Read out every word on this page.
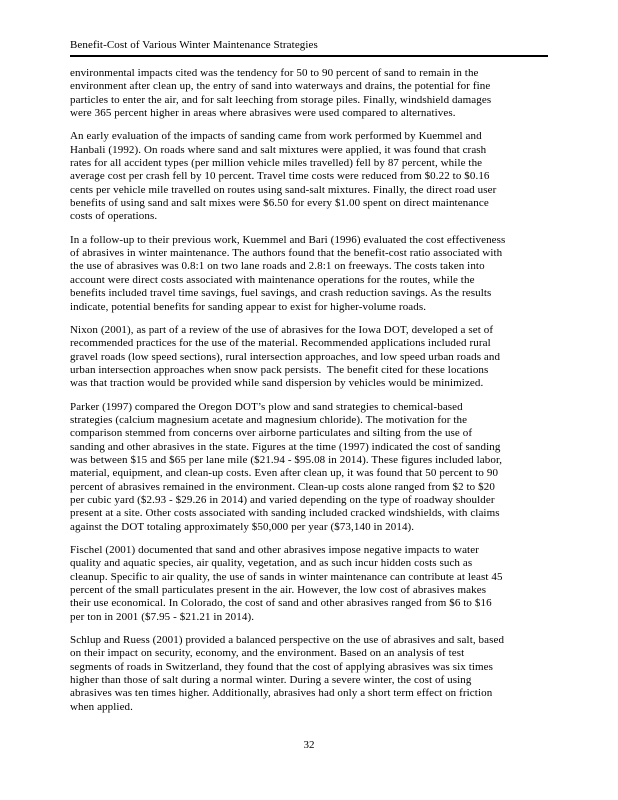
Benefit-Cost of Various Winter Maintenance Strategies

environmental impacts cited was the tendency for 50 to 90 percent of sand to remain in the
environment after clean up, the entry of sand into waterways and drains, the potential for fine
particles to enter the air, and for salt leeching from storage piles. Finally, windshield damages
were 365 percent higher in areas where abrasives were used compared to alternatives.

An early evaluation of the impacts of sanding came from work performed by Kuemmel and
Hanbali (1992). On roads where sand and salt mixtures were applied, it was found that crash
rates for all accident types (per million vehicle miles travelled) fell by 87 percent, while the
average cost per crash fell by 10 percent. Travel time costs were reduced from $0.22 to $0.16
cents per vehicle mile travelled on routes using sand-salt mixtures. Finally, the direct road user
benefits of using sand and salt mixes were $6.50 for every $1.00 spent on direct maintenance
costs of operations.

In a follow-up to their previous work, Kuemmel and Bari (1996) evaluated the cost effectiveness
of abrasives in winter maintenance. The authors found that the benefit-cost ratio associated with
the use of abrasives was 0.8:1 on two lane roads and 2.8:1 on freeways. The costs taken into
account were direct costs associated with maintenance operations for the routes, while the
benefits included travel time savings, fuel savings, and crash reduction savings. As the results
indicate, potential benefits for sanding appear to exist for higher-volume roads.

Nixon (2001), as part of a review of the use of abrasives for the Iowa DOT, developed a set of
recommended practices for the use of the material. Recommended applications included rural
gravel roads (low speed sections), rural intersection approaches, and low speed urban roads and
urban intersection approaches when snow pack persists.  The benefit cited for these locations
was that traction would be provided while sand dispersion by vehicles would be minimized.

Parker (1997) compared the Oregon DOT’s plow and sand strategies to chemical-based
strategies (calcium magnesium acetate and magnesium chloride). The motivation for the
comparison stemmed from concerns over airborne particulates and silting from the use of
sanding and other abrasives in the state. Figures at the time (1997) indicated the cost of sanding
was between $15 and $65 per lane mile ($21.94 - $95.08 in 2014). These figures included labor,
material, equipment, and clean-up costs. Even after clean up, it was found that 50 percent to 90
percent of abrasives remained in the environment. Clean-up costs alone ranged from $2 to $20
per cubic yard ($2.93 - $29.26 in 2014) and varied depending on the type of roadway shoulder
present at a site. Other costs associated with sanding included cracked windshields, with claims
against the DOT totaling approximately $50,000 per year ($73,140 in 2014).

Fischel (2001) documented that sand and other abrasives impose negative impacts to water
quality and aquatic species, air quality, vegetation, and as such incur hidden costs such as
cleanup. Specific to air quality, the use of sands in winter maintenance can contribute at least 45
percent of the small particulates present in the air. However, the low cost of abrasives makes
their use economical. In Colorado, the cost of sand and other abrasives ranged from $6 to $16
per ton in 2001 ($7.95 - $21.21 in 2014).

Schlup and Ruess (2001) provided a balanced perspective on the use of abrasives and salt, based
on their impact on security, economy, and the environment. Based on an analysis of test
segments of roads in Switzerland, they found that the cost of applying abrasives was six times
higher than those of salt during a normal winter. During a severe winter, the cost of using
abrasives was ten times higher. Additionally, abrasives had only a short term effect on friction
when applied.

32
